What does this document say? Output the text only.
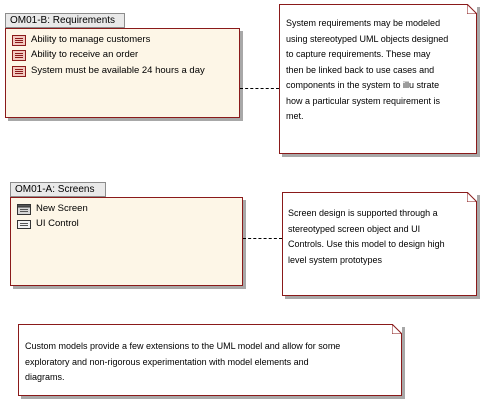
OM01-B: Requirements
Ability to manage customers
Ability to receive an order
System must be available 24 hours a day
System requirements may be modeled
using stereotyped UML objects designed
to capture requirements. These may
then be linked back to use cases and
components in the system to illu strate
how a particular system requirement is
met.
OM01-A: Screens
New Screen
UI Control
Screen design is supported through a
stereotyped screen object and UI
Controls. Use this model to design high
level system prototypes
Custom models provide a few extensions to the UML model and allow for some
exploratory and non-rigorous experimentation with model elements and
diagrams.
